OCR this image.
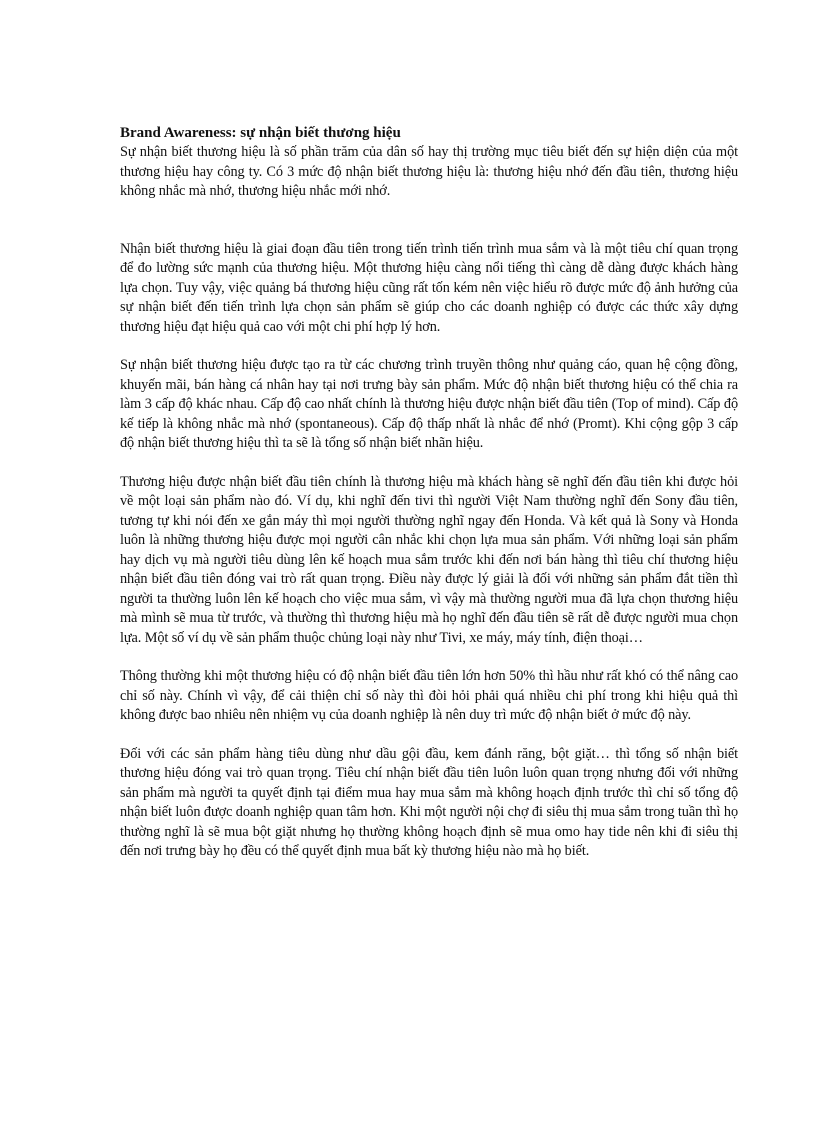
Brand Awareness: sự nhận biết thương hiệu

Sự nhận biết thương hiệu là số phần trăm của dân số hay thị trường mục tiêu biết đến sự hiện diện của một thương hiệu hay công ty. Có 3 mức độ nhận biết thương hiệu là: thương hiệu nhớ đến đầu tiên, thương hiệu không nhắc mà nhớ, thương hiệu nhắc mới nhớ.

Nhận biết thương hiệu là giai đoạn đầu tiên trong tiến trình tiến trình mua sắm và là một tiêu chí quan trọng để đo lường sức mạnh của thương hiệu. Một thương hiệu càng nổi tiếng thì càng dễ dàng được khách hàng lựa chọn. Tuy vậy, việc quảng bá thương hiệu cũng rất tốn kém nên việc hiểu rõ được mức độ ảnh hưởng của sự nhận biết đến tiến trình lựa chọn sản phẩm sẽ giúp cho các doanh nghiệp có được các thức xây dựng thương hiệu đạt hiệu quả cao với một chi phí hợp lý hơn.

Sự nhận biết thương hiệu được tạo ra từ các chương trình truyền thông như quảng cáo, quan hệ cộng đồng, khuyến mãi, bán hàng cá nhân hay tại nơi trưng bày sản phẩm. Mức độ nhận biết thương hiệu có thể chia ra làm 3 cấp độ khác nhau. Cấp độ cao nhất chính là thương hiệu được nhận biết đầu tiên (Top of mind). Cấp độ kế tiếp là không nhắc mà nhớ (spontaneous). Cấp độ thấp nhất là nhắc để nhớ (Promt). Khi cộng gộp 3 cấp độ nhận biết thương hiệu thì ta sẽ là tổng số nhận biết nhãn hiệu.

Thương hiệu được nhận biết đầu tiên chính là thương hiệu mà khách hàng sẽ nghĩ đến đầu tiên khi được hỏi về một loại sản phẩm nào đó. Ví dụ, khi nghĩ đến tivi thì người Việt Nam thường nghĩ đến Sony đầu tiên, tương tự khi nói đến xe gắn máy thì mọi người thường nghĩ ngay đến Honda. Và kết quả là Sony và Honda luôn là những thương hiệu được mọi người cân nhắc khi chọn lựa mua sản phẩm. Với những loại sản phẩm hay dịch vụ mà người tiêu dùng lên kế hoạch mua sắm trước khi đến nơi bán hàng thì tiêu chí thương hiệu nhận biết đầu tiên đóng vai trò rất quan trọng. Điều này được lý giải là đối với những sản phẩm đắt tiền thì người ta thường luôn lên kế hoạch cho việc mua sắm, vì vậy mà thường người mua đã lựa chọn thương hiệu mà mình sẽ mua từ trước, và thường thì thương hiệu mà họ nghĩ đến đầu tiên sẽ rất dễ được người mua chọn lựa. Một số ví dụ về sản phẩm thuộc chủng loại này như Tivi, xe máy, máy tính, điện thoại…

Thông thường khi một thương hiệu có độ nhận biết đầu tiên lớn hơn 50% thì hầu như rất khó có thể nâng cao chỉ số này. Chính vì vậy, để cải thiện chỉ số này thì đòi hỏi phải quá nhiều chi phí trong khi hiệu quả thì không được bao nhiêu nên nhiệm vụ của doanh nghiệp là nên duy trì mức độ nhận biết ở mức độ này.

Đối với các sản phẩm hàng tiêu dùng như dầu gội đầu, kem đánh răng, bột giặt… thì tổng số nhận biết thương hiệu đóng vai trò quan trọng. Tiêu chí nhận biết đầu tiên luôn luôn quan trọng nhưng đối với những sản phẩm mà người ta quyết định tại điểm mua hay mua sắm mà không hoạch định trước thì chỉ số tổng độ nhận biết luôn được doanh nghiệp quan tâm hơn. Khi một người nội chợ đi siêu thị mua sắm trong tuần thì họ thường nghĩ là sẽ mua bột giặt nhưng họ thường không hoạch định sẽ mua omo hay tide nên khi đi siêu thị đến nơi trưng bày họ đều có thể quyết định mua bất kỳ thương hiệu nào mà họ biết.
